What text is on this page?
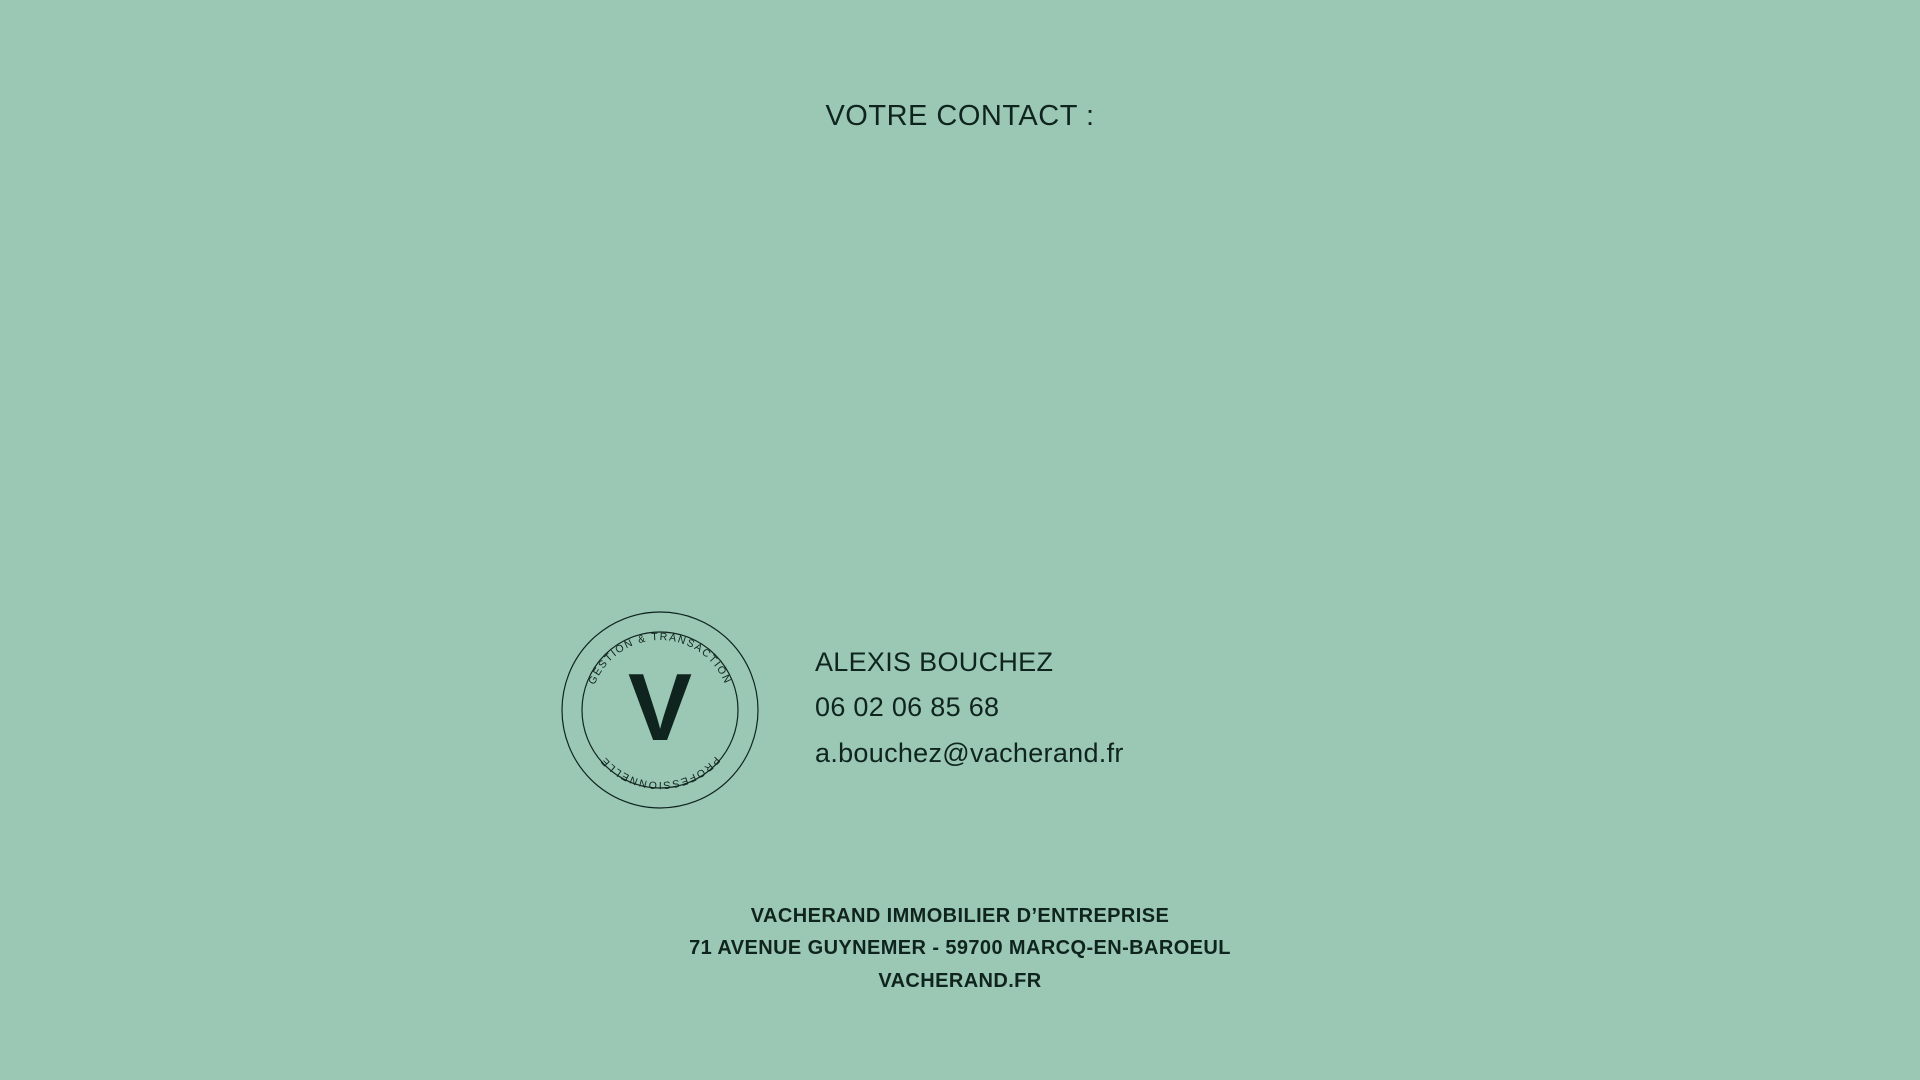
VOTRE CONTACT :
GESTION & TRANSACTION
PROFESSIONNELLE
V	ALEXIS BOUCHEZ
06 02 06 85 68
a.bouchez@vacherand.fr
VACHERAND IMMOBILIER D’ENTREPRISE
71 AVENUE GUYNEMER - 59700 MARCQ-EN-BAROEUL
VACHERAND.FR
